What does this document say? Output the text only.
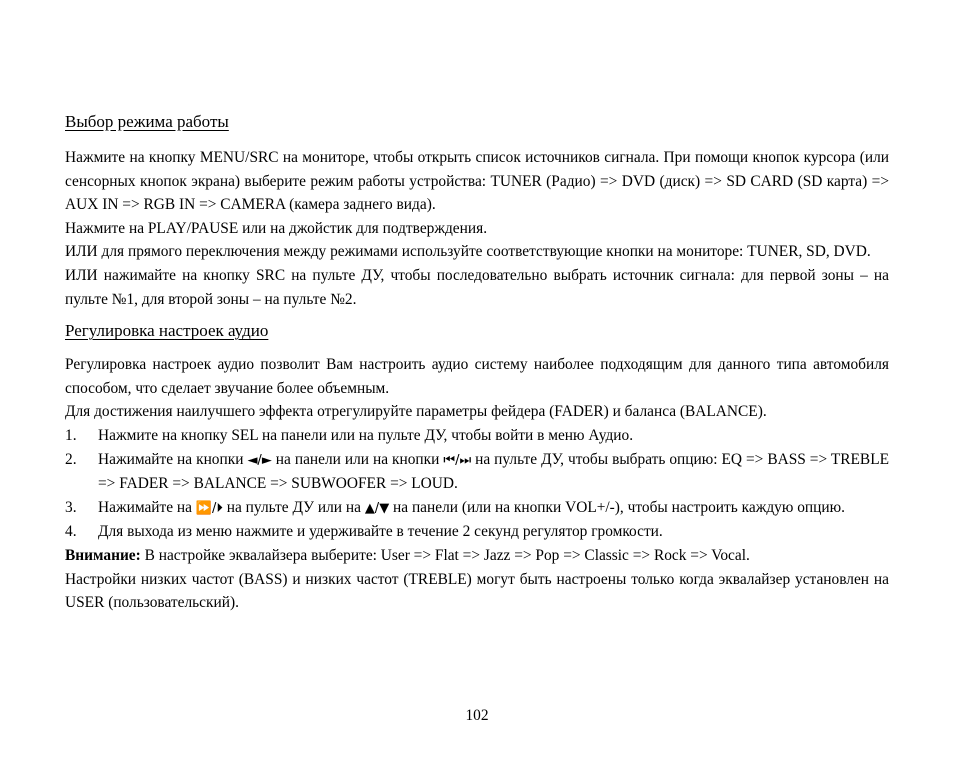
Выбор режима работы

Нажмите на кнопку MENU/SRC на мониторе, чтобы открыть список источников сигнала. При помощи кнопок курсора (или сенсорных кнопок экрана) выберите режим работы устройства: TUNER (Радио) => DVD (диск) => SD CARD (SD карта) => AUX IN => RGB IN => CAMERA (камера заднего вида).

Нажмите на PLAY/PAUSE или на джойстик для подтверждения.

ИЛИ для прямого переключения между режимами используйте соответствующие кнопки на мониторе: TUNER, SD, DVD.

ИЛИ нажимайте на кнопку SRC на пульте ДУ, чтобы последовательно выбрать источник сигнала: для первой зоны – на пульте №1, для второй зоны – на пульте №2.

Регулировка настроек аудио

Регулировка настроек аудио позволит Вам настроить аудио систему наиболее подходящим для данного типа автомобиля способом, что сделает звучание более объемным.

Для достижения наилучшего эффекта отрегулируйте параметры фейдера (FADER) и баланса (BALANCE).

1. Нажмите на кнопку SEL на панели или на пульте ДУ, чтобы войти в меню Аудио.
2. Нажимайте на кнопки ◄/► на панели или на кнопки ⏮/⏭ на пульте ДУ, чтобы выбрать опцию: EQ => BASS => TREBLE => FADER => BALANCE => SUBWOOFER => LOUD.
3. Нажимайте на ⏩/⏵ на пульте ДУ или на ▲/▼ на панели (или на кнопки VOL+/-), чтобы настроить каждую опцию.
4. Для выхода из меню нажмите и удерживайте в течение 2 секунд регулятор громкости.

Внимание: В настройке эквалайзера выберите: User => Flat => Jazz => Pop => Classic => Rock => Vocal.

Настройки низких частот (BASS) и низких частот (TREBLE) могут быть настроены только когда эквалайзер установлен на USER (пользовательский).

102
